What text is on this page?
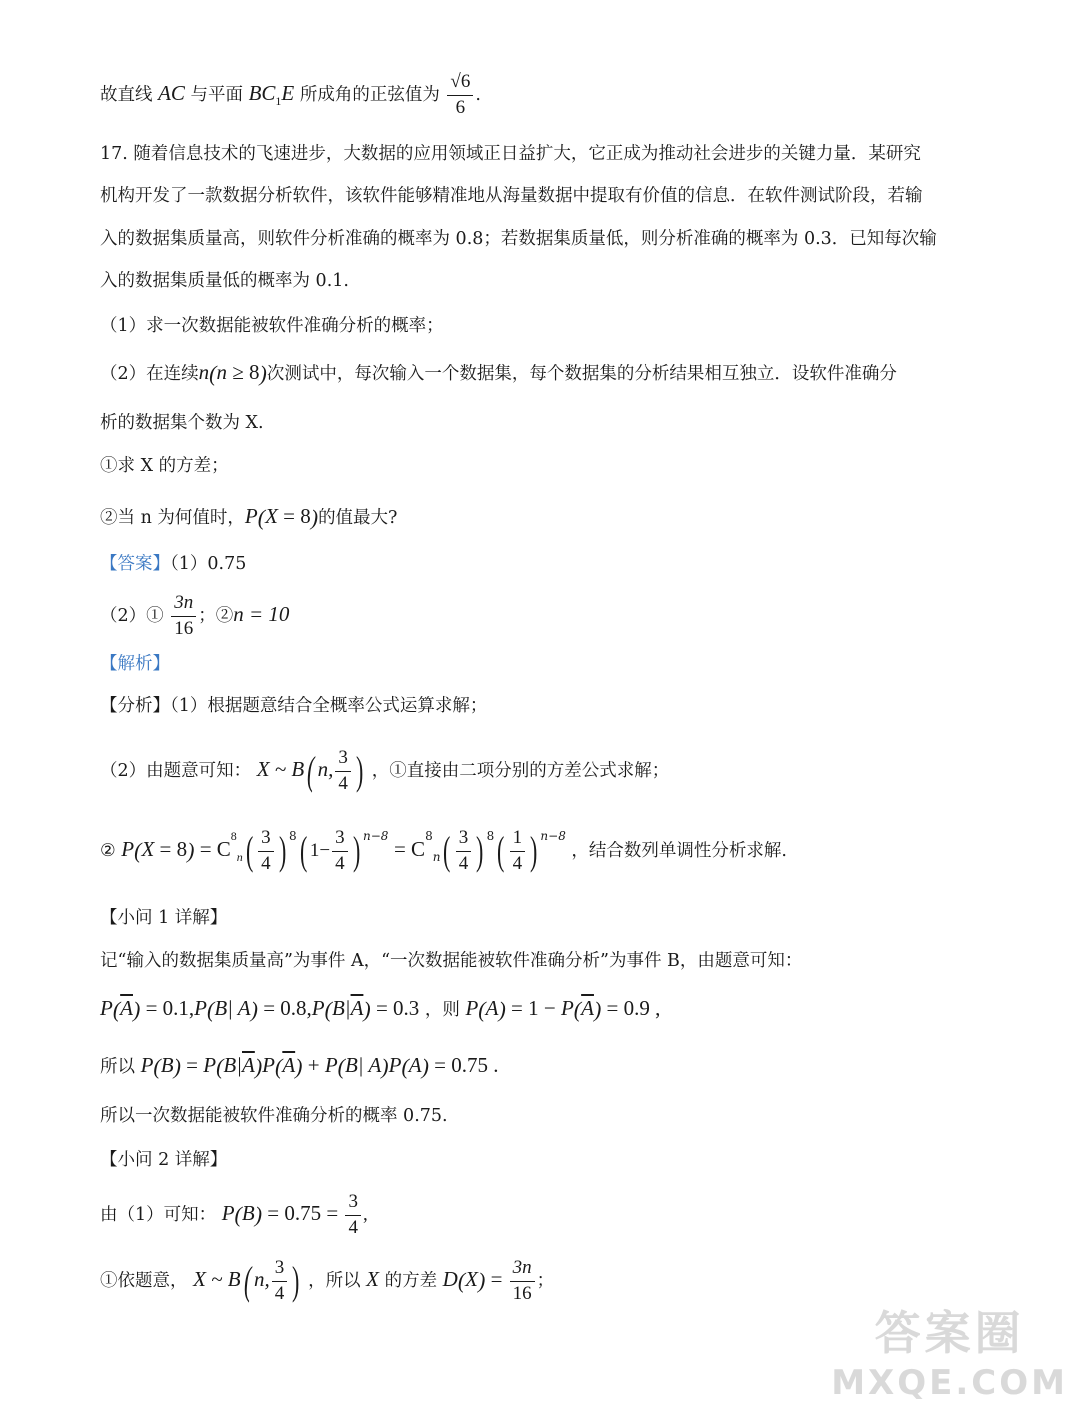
故直线 AC 与平面 $BC_1E$ 所成角的正弦值为 $\frac{√6}{6}$ .
17. 随着信息技术的飞速进步，大数据的应用领域正日益扩大，它正成为推动社会进步的关键力量．某研究
机构开发了一款数据分析软件，该软件能够精准地从海量数据中提取有价值的信息．在软件测试阶段，若输
入的数据集质量高，则软件分析准确的概率为 0.8；若数据集质量低，则分析准确的概率为 0.3．已知每次输
入的数据集质量低的概率为 0.1.
（1）求一次数据能被软件准确分析的概率；
（2）在连续n(n ≥ 8)次测试中，每次输入一个数据集，每个数据集的分析结果相互独立．设软件准确分
析的数据集个数为 X.
①求 X 的方差；
②当 n 为何值时，P(X = 8)的值最大?
【答案】（1）0.75
（2）① $\frac{3n}{16}$ ；②n = 10
【解析】
【分析】（1）根据题意结合全概率公式运算求解；
（2）由题意可知： X ~ B( n, $\frac{3}{4}$ ) ，①直接由二项分别的方差公式求解；
② $P(X = 8) = C^8_n( \frac{3}{4}$ ) $^8$( $1- \frac{3}{4}$ ) $^{n-8} = C^8_n( \frac{3}{4}$ ) $^8( \frac{1}{4}$ ) $^{n-8}$ ，结合数列单调性分析求解.
【小问 1 详解】
记“输入的数据集质量高”为事件 A，“一次数据能被软件准确分析”为事件 B，由题意可知：
$P(\overline{A}) = 0.1,P(B|$ $A) = 0.8,P(B|\overline{A}) = 0.3$ ，则 $P(A) = 1 - P(\overline{A}) = 0.9$ ,
所以 $P(B) = P(B|\overline{A})P(\overline{A}) + P(B|$ A)P(A) = 0.75 .
所以一次数据能被软件准确分析的概率 0.75.
【小问 2 详解】
由（1）可知： $P(B) = 0.75 = \frac{3}{4}$ ,
①依题意， X ~ B( n, $\frac{3}{4}$ ) ，所以 X 的方差 $D(X) = \frac{3n}{16}$ ；
答案圈
MXQE.COM
